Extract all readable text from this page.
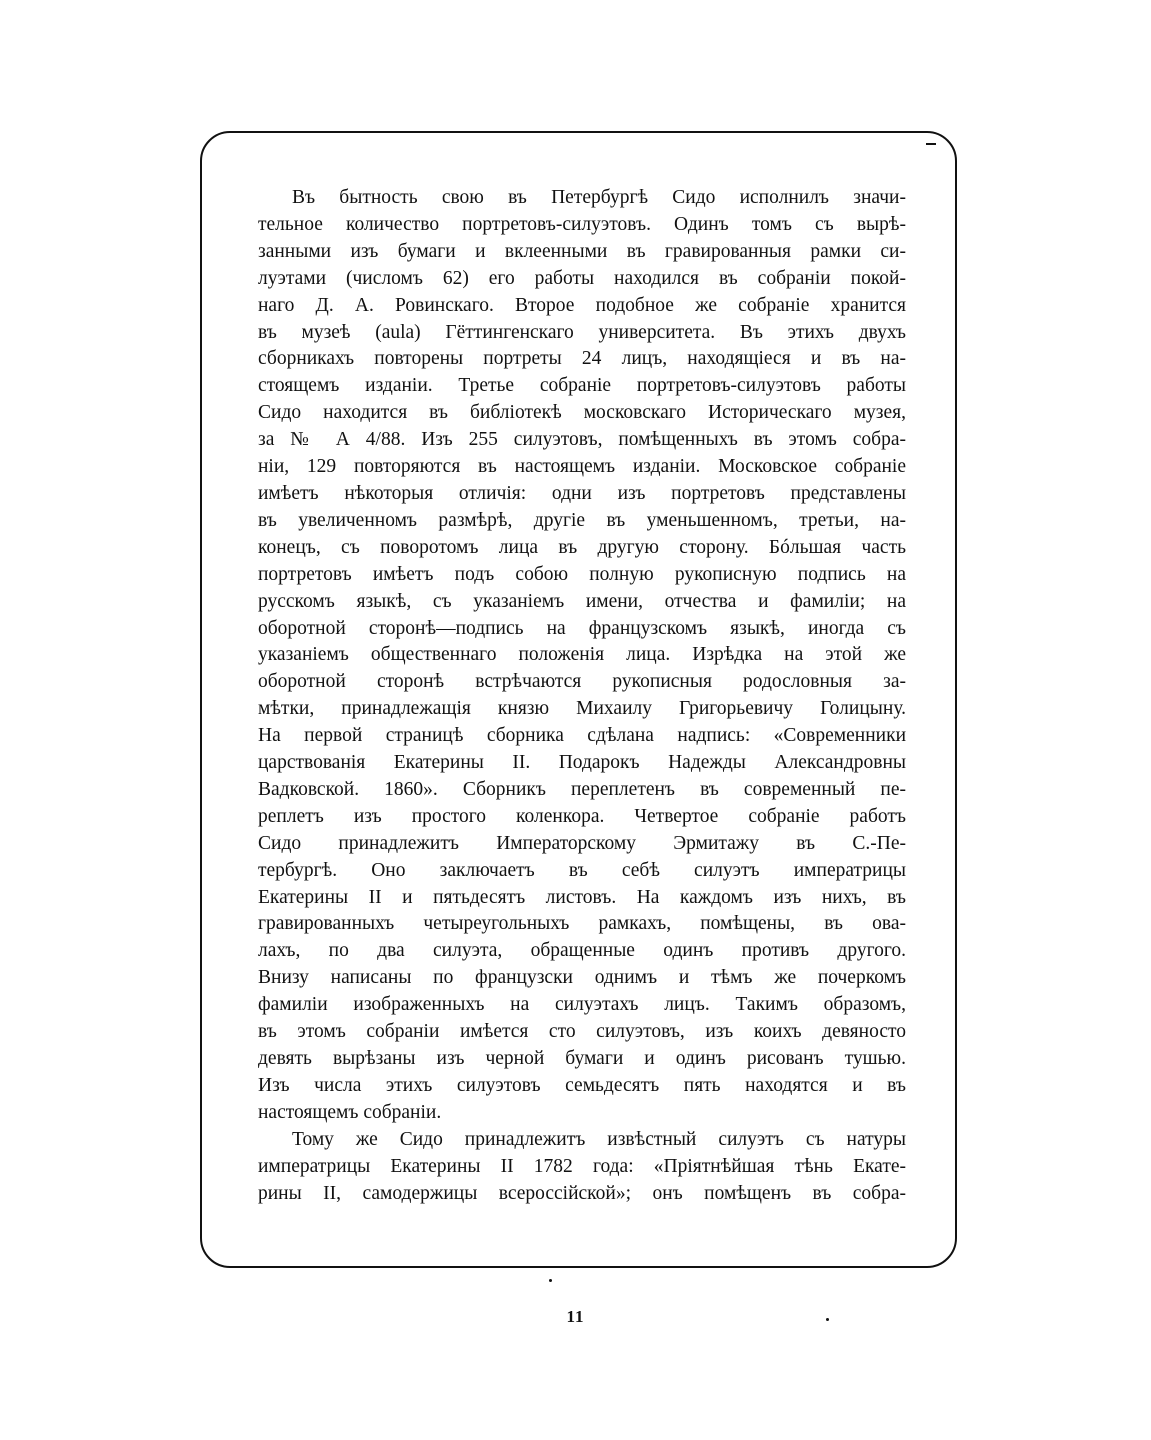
Въ бытность свою въ Петербургѣ Сидо исполнилъ значи-
тельное количество портретовъ-силуэтовъ. Одинъ томъ съ вырѣ-
занными изъ бумаги и вклеенными въ гравированныя рамки си-
луэтами (числомъ 62) его работы находился въ собраніи покой-
наго Д. А. Ровинскаго. Второе подобное же собраніе хранится
въ музеѣ (aula) Гёттингенскаго университета. Въ этихъ двухъ
сборникахъ повторены портреты 24 лицъ, находящіеся и въ на-
стоящемъ изданіи. Третье собраніе портретовъ-силуэтовъ работы
Сидо находится въ библіотекѣ московскаго Историческаго музея,
за № А 4/88. Изъ 255 силуэтовъ, помѣщенныхъ въ этомъ собра-
ніи, 129 повторяются въ настоящемъ изданіи. Московское собраніе
имѣетъ нѣкоторыя отличія: одни изъ портретовъ представлены
въ увеличенномъ размѣрѣ, другіе въ уменьшенномъ, третьи, на-
конецъ, съ поворотомъ лица въ другую сторону. Бóльшая часть
портретовъ имѣетъ подъ собою полную рукописную подпись на
русскомъ языкѣ, съ указаніемъ имени, отчества и фамиліи; на
оборотной сторонѣ—подпись на французскомъ языкѣ, иногда съ
указаніемъ общественнаго положенія лица. Изрѣдка на этой же
оборотной сторонѣ встрѣчаются рукописныя родословныя за-
мѣтки, принадлежащія князю Михаилу Григорьевичу Голицыну.
На первой страницѣ сборника сдѣлана надпись: «Современники
царствованія Екатерины II. Подарокъ Надежды Александровны
Вадковской. 1860». Сборникъ переплетенъ въ современный пе-
реплетъ изъ простого коленкора. Четвертое собраніе работъ
Сидо принадлежитъ Императорскому Эрмитажу въ С.-Пе-
тербургѣ. Оно заключаетъ въ себѣ силуэтъ императрицы
Екатерины II и пятьдесятъ листовъ. На каждомъ изъ нихъ, въ
гравированныхъ четыреугольныхъ рамкахъ, помѣщены, въ ова-
лахъ, по два силуэта, обращенные одинъ противъ другого.
Внизу написаны по французски однимъ и тѣмъ же почеркомъ
фамиліи изображенныхъ на силуэтахъ лицъ. Такимъ образомъ,
въ этомъ собраніи имѣется сто силуэтовъ, изъ коихъ девяносто
девять вырѣзаны изъ черной бумаги и одинъ рисованъ тушью.
Изъ числа этихъ силуэтовъ семьдесятъ пять находятся и въ
настоящемъ собраніи.
Тому же Сидо принадлежитъ извѣстный силуэтъ съ натуры
императрицы Екатерины II 1782 года: «Пріятнѣйшая тѣнь Екате-
рины II, самодержицы всероссійской»; онъ помѣщенъ въ собра-
11
